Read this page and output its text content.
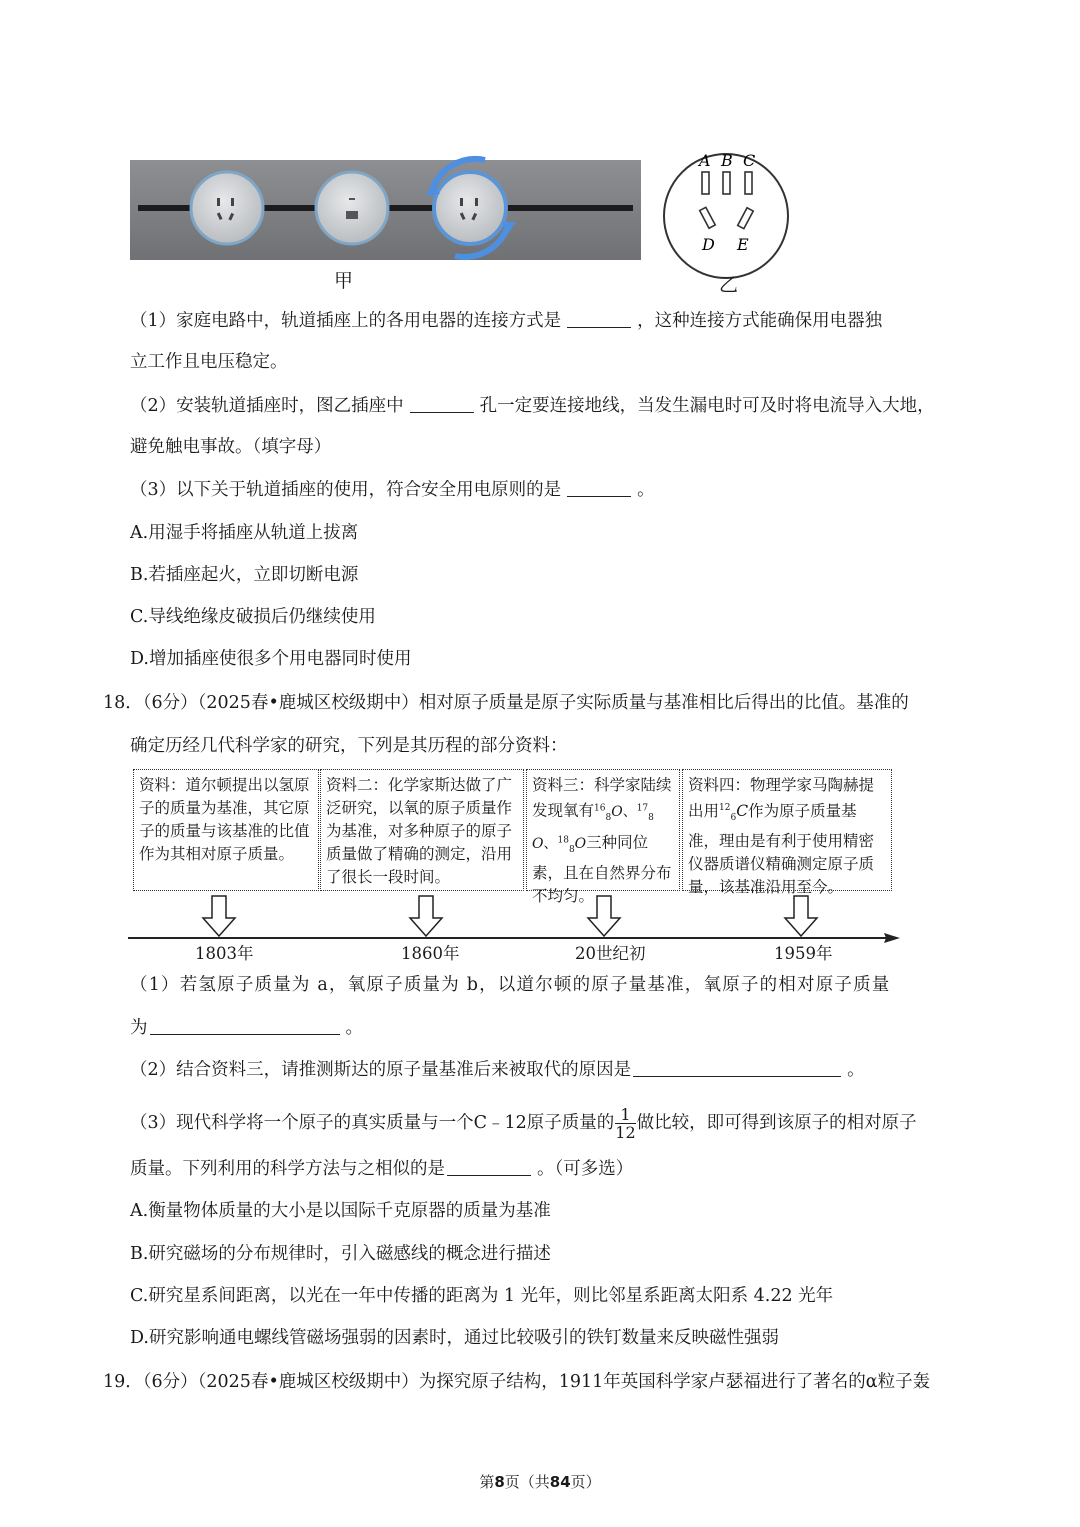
甲
A B C
D E
乙
（1）家庭电路中，轨道插座上的各用电器的连接方式是	，这种连接方式能确保用电器独
立工作且电压稳定。
（2）安装轨道插座时，图乙插座中	孔一定要连接地线，当发生漏电时可及时将电流导入大地，
避免触电事故。（填字母）
（3）以下关于轨道插座的使用，符合安全用电原则的是	。
A.用湿手将插座从轨道上拔离
B.若插座起火，立即切断电源
C.导线绝缘皮破损后仍继续使用
D.增加插座使很多个用电器同时使用
18．（6分）（2025春•鹿城区校级期中）相对原子质量是原子实际质量与基准相比后得出的比值。基准的
确定历经几代科学家的研究，下列是其历程的部分资料：
资料：道尔顿提出以氢原子的质量为基准，其它原子的质量与该基准的比值作为其相对原子质量。
资料二：化学家斯达做了广泛研究，以氧的原子质量作为基准，对多种原子的原子质量做了精确的测定，沿用了很长一段时间。
资料三：科学家陆续发现氧有$^{16}_8$O、$^{17}_8$O、$^{18}_8$O三种同位素，且在自然界分布不均匀。
资料四：物理学家马陶赫提出用$^{12}_6$C作为原子质量基准，理由是有利于使用精密仪器质谱仪精确测定原子质量，该基准沿用至今。
1803年	1860年	20世纪初	1959年
（1）若氢原子质量为 a，氧原子质量为 b，以道尔顿的原子量基准，氧原子的相对原子质量
为	。
（2）结合资料三，请推测斯达的原子量基准后来被取代的原因是	。
（3）现代科学将一个原子的真实质量与一个C﹣12原子质量的 $\frac{1}{12}$ 做比较，即可得到该原子的相对原子
质量。下列利用的科学方法与之相似的是	。（可多选）
A.衡量物体质量的大小是以国际千克原器的质量为基准
B.研究磁场的分布规律时，引入磁感线的概念进行描述
C.研究星系间距离，以光在一年中传播的距离为 1 光年，则比邻星系距离太阳系 4.22 光年
D.研究影响通电螺线管磁场强弱的因素时，通过比较吸引的铁钉数量来反映磁性强弱
19．（6分）（2025春•鹿城区校级期中）为探究原子结构，1911年英国科学家卢瑟福进行了著名的α粒子轰
第8页（共84页）
